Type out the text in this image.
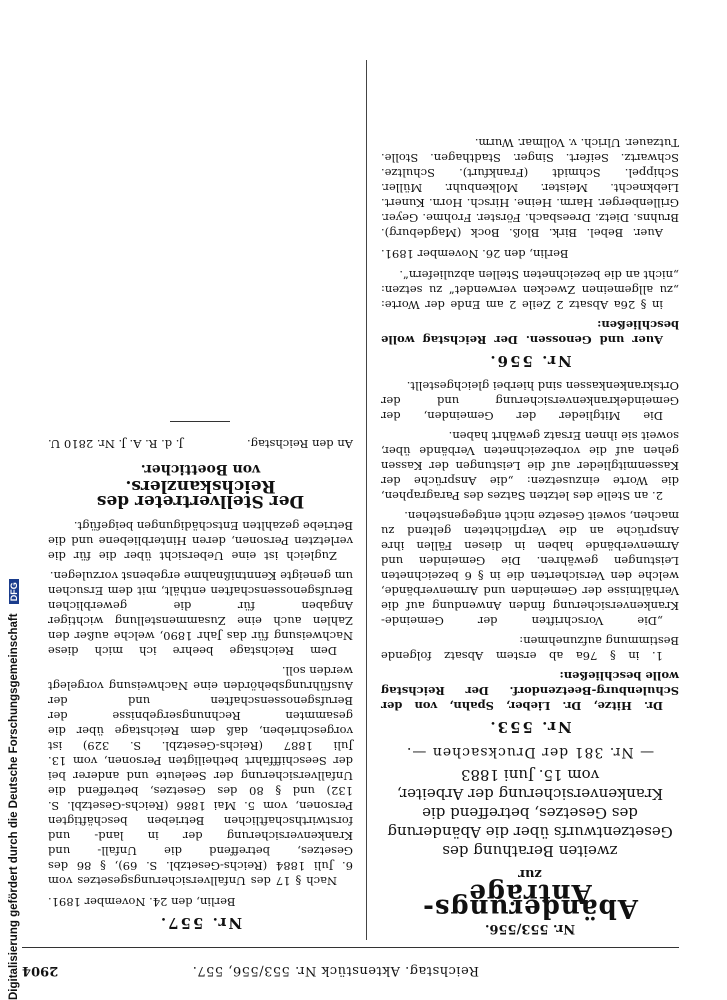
Reichstag. Aktenstück Nr. 553/556, 557.
2904
Nr. 553/556.
Abänderungs-Anträge
zur
zweiten Berathung des Gesetzentwurfs über die Abänderung des Gesetzes, betreffend die Krankenversicherung der Arbeiter, vom 15. Juni 1883
— Nr. 381 der Drucksachen —.
Nr. 553.

Dr. Hitze, Dr. Lieber, Spahn, von der Schulenburg-Beetzendorf. Der Reichstag wolle beschließen:

1. in § 76a ab erstem Absatz folgende Bestimmung aufzunehmen:

„Die Vorschriften der Gemeinde-Krankenversicherung finden Anwendung auf die Verhältnisse der Gemeinden und Armenverbände, welche den Versicherten die in § 6 bezeichneten Leistungen gewähren. Die Gemeinden und Armenverbände haben in diesen Fällen ihre Ansprüche an die Verpflichteten geltend zu machen, soweit Gesetze nicht entgegenstehen.

2. an Stelle des letzten Satzes des Paragraphen, die Worte einzusetzen: „die Ansprüche der Kassenmitglieder auf die Leistungen der Kassen gehen auf die vorbezeichneten Verbände über, soweit sie ihnen Ersatz gewährt haben.

Die Mitglieder der Gemeinden, der Gemeindekrankenversicherung und der Ortskrankenkassen sind hierbei gleichgestellt.

Nr. 556.

Auer und Genossen. Der Reichstag wolle beschließen:

in § 26a Absatz 2 Zeile 2 am Ende der Worte: „zu allgemeinen Zwecken verwendet“ zu setzen: „nicht an die bezeichneten Stellen abzuliefern“.

Berlin, den 26. November 1891.

Auer. Bebel. Birk. Bloß. Bock (Magdeburg). Bruhns. Dietz. Dreesbach. Förster. Frohme. Geyer. Grillenberger. Harm. Heine. Hirsch. Horn. Kunert. Liebknecht. Meister. Molkenbuhr. Müller. Schippel. Schmidt (Frankfurt). Schultze. Schwartz. Seifert. Singer. Stadthagen. Stolle. Tutzauer. Ulrich. v. Vollmar. Wurm.

Nr. 557.
Berlin, den 24. November 1891.

Nach § 17 des Unfallversicherungsgesetzes vom 6. Juli 1884 (Reichs-Gesetzbl. S. 69), § 86 des Gesetzes, betreffend die Unfall- und Krankenversicherung der in land- und forstwirthschaftlichen Betrieben beschäftigten Personen, vom 5. Mai 1886 (Reichs-Gesetzbl. S. 132) und § 80 des Gesetzes, betreffend die Unfallversicherung der Seeleute und anderer bei der Seeschifffahrt betheiligten Personen, vom 13. Juli 1887 (Reichs-Gesetzbl. S. 329) ist vorgeschrieben, daß dem Reichstage über die gesammten Rechnungsergebnisse der Berufsgenossenschaften und der Ausführungsbehörden eine Nachweisung vorgelegt werden soll.

Dem Reichstage beehre ich mich diese Nachweisung für das Jahr 1890, welche außer den Zahlen auch eine Zusammenstellung wichtiger Angaben für die gewerblichen Berufsgenossenschaften enthält, mit dem Ersuchen um geneigte Kenntnißnahme ergebenst vorzulegen.

Zugleich ist eine Uebersicht über die für die verletzten Personen, deren Hinterbliebene und die Betriebe gezahlten Entschädigungen beigefügt.

Der Stellvertreter des Reichskanzlers.
von Boetticher.
An den Reichstag.
J. d. R. A. J. Nr. 2810 U.
Digitalisierung gefördert durch die Deutsche Forschungsgemeinschaft DFG
